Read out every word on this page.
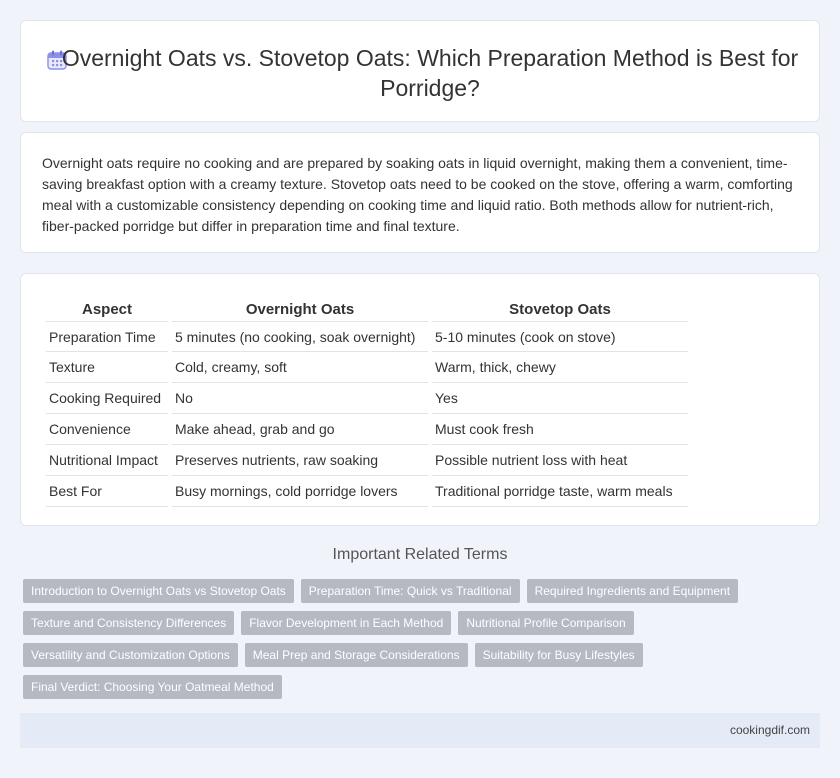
Overnight Oats vs. Stovetop Oats: Which Preparation Method is Best for Porridge?

Overnight oats require no cooking and are prepared by soaking oats in liquid overnight, making them a convenient, time-saving breakfast option with a creamy texture. Stovetop oats need to be cooked on the stove, offering a warm, comforting meal with a customizable consistency depending on cooking time and liquid ratio. Both methods allow for nutrient-rich, fiber-packed porridge but differ in preparation time and final texture.

Aspect	Overnight Oats	Stovetop Oats
Preparation Time	5 minutes (no cooking, soak overnight)	5-10 minutes (cook on stove)
Texture	Cold, creamy, soft	Warm, thick, chewy
Cooking Required	No	Yes
Convenience	Make ahead, grab and go	Must cook fresh
Nutritional Impact	Preserves nutrients, raw soaking	Possible nutrient loss with heat
Best For	Busy mornings, cold porridge lovers	Traditional porridge taste, warm meals
Important Related Terms
Introduction to Overnight Oats vs Stovetop Oats	Preparation Time: Quick vs Traditional	Required Ingredients and Equipment
Texture and Consistency Differences	Flavor Development in Each Method	Nutritional Profile Comparison
Versatility and Customization Options	Meal Prep and Storage Considerations	Suitability for Busy Lifestyles
Final Verdict: Choosing Your Oatmeal Method
cookingdif.com
